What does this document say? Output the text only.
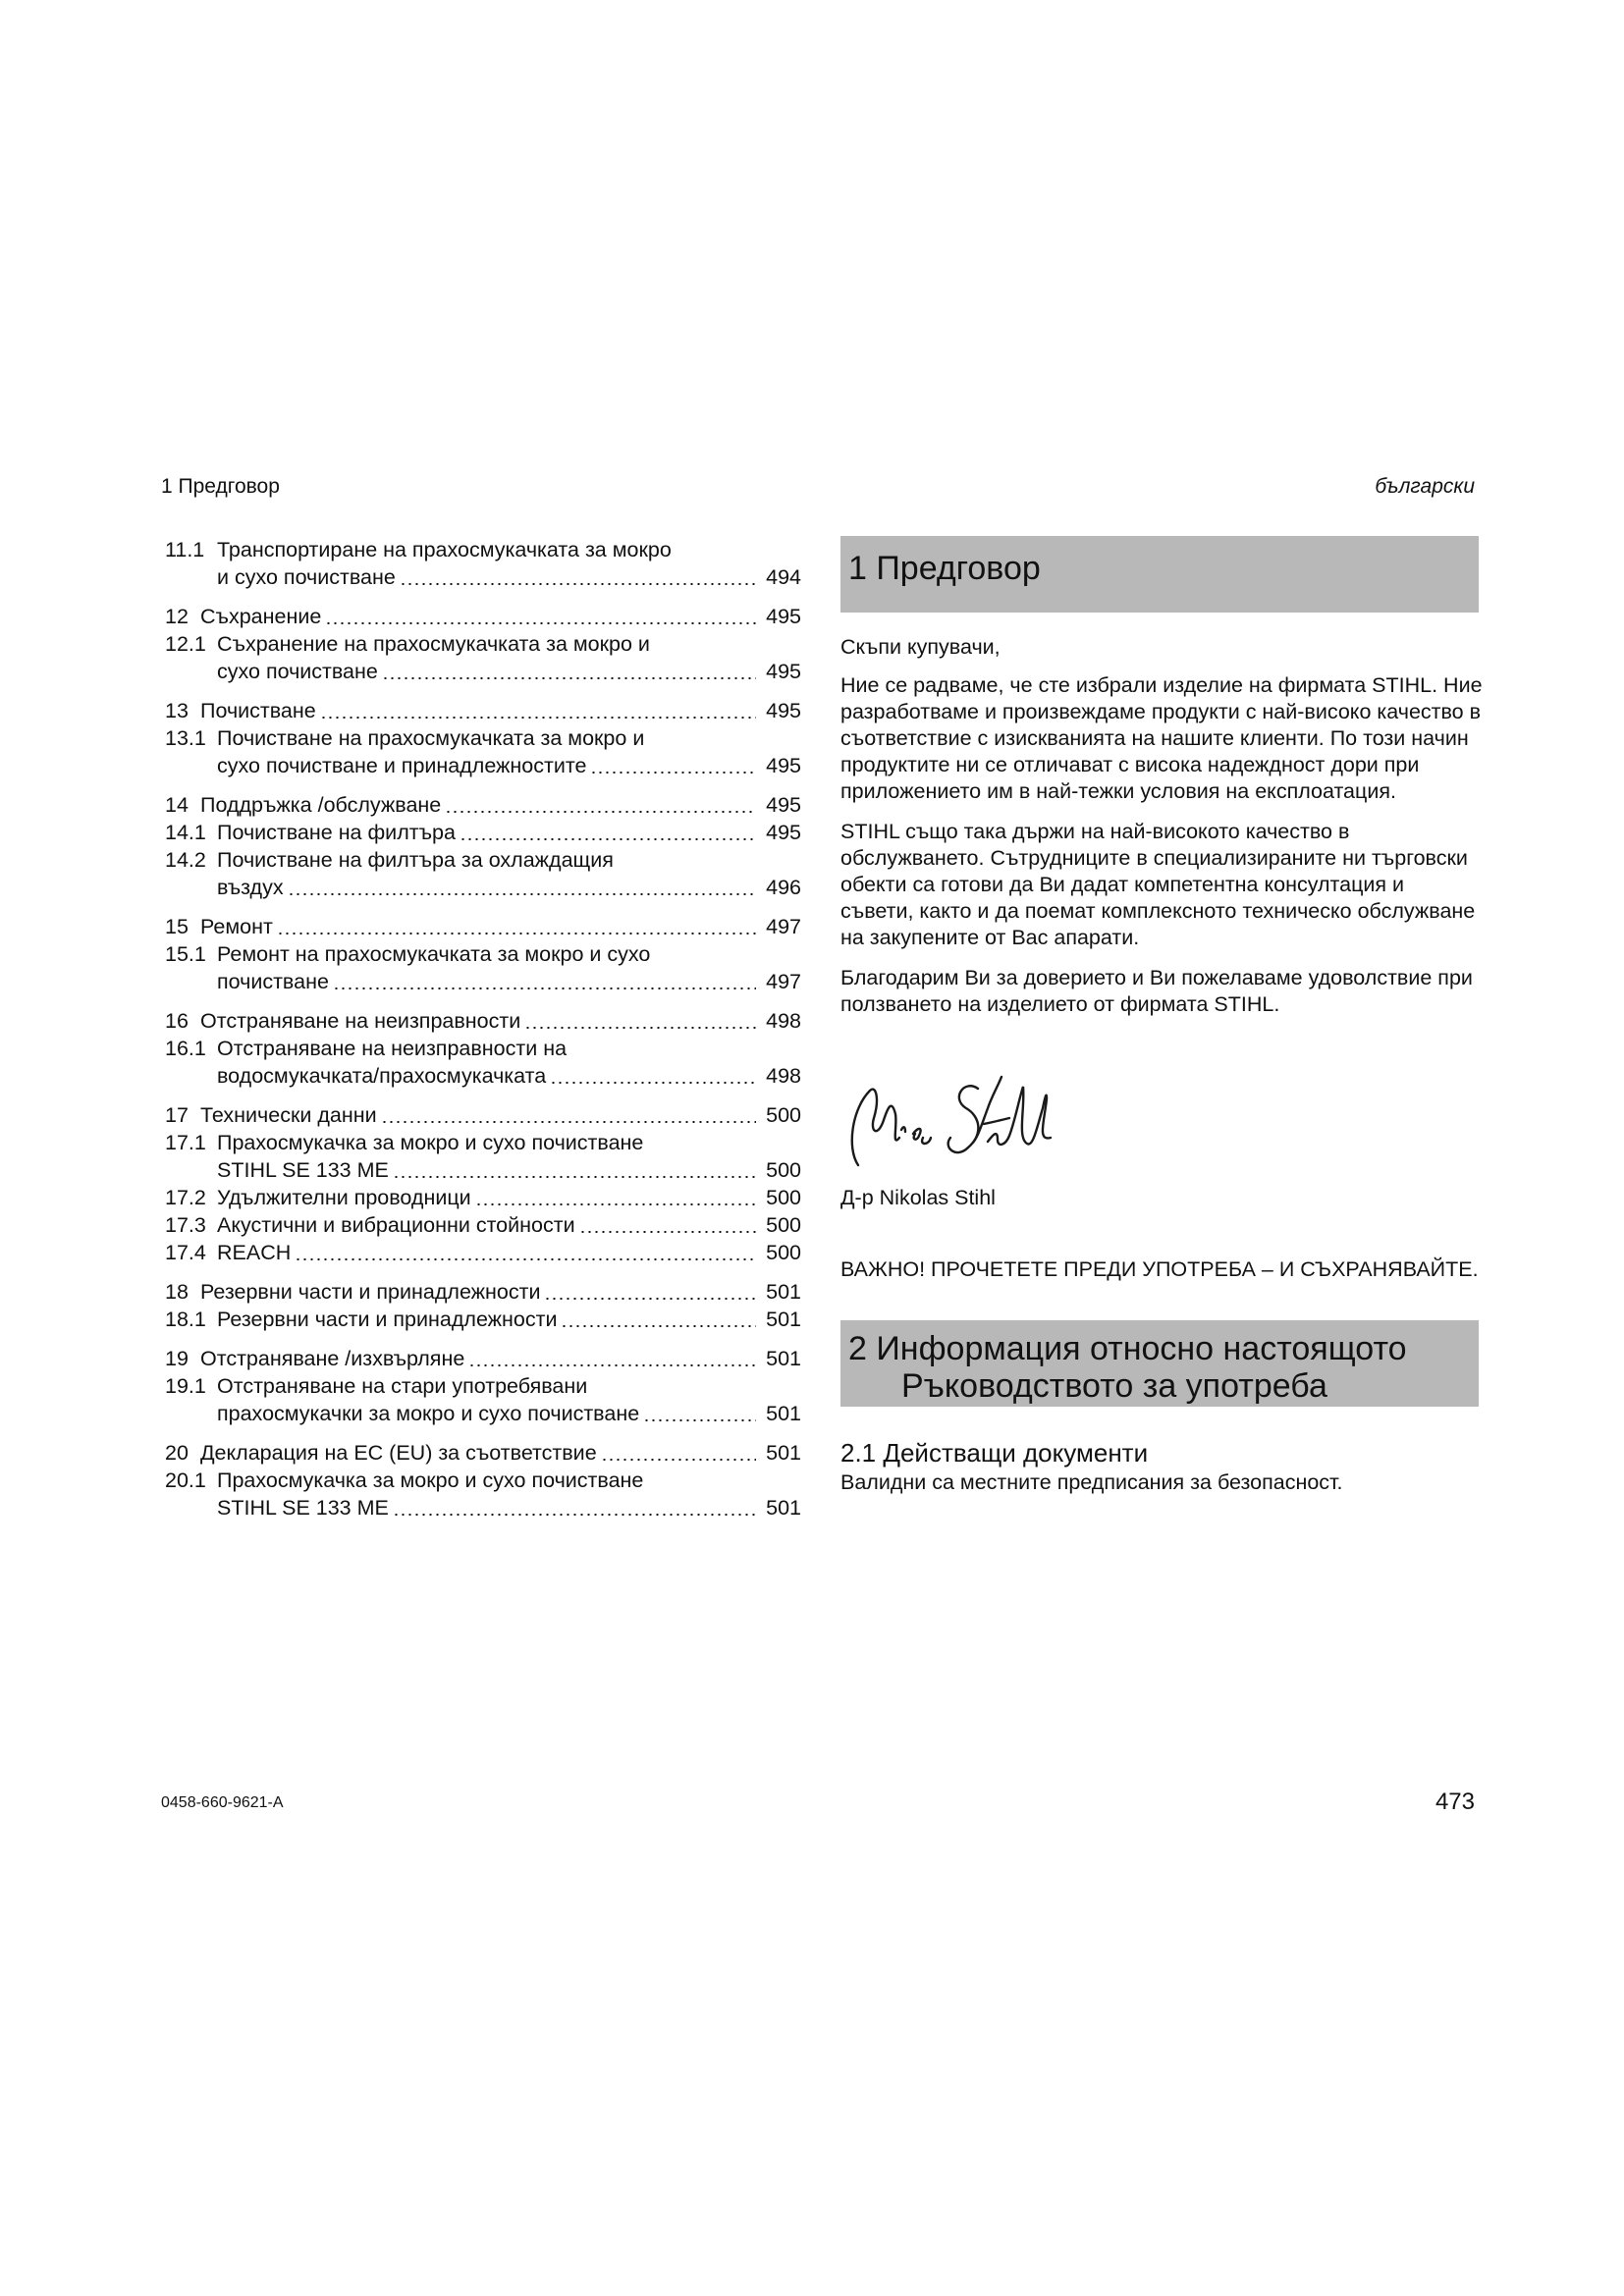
1 Предговор	български
11.1 Транспортиране на прахосмукачката за мокро
и сухо почистване	494
12 Съхранение	495
12.1 Съхранение на прахосмукачката за мокро и
сухо почистване	495
13 Почистване	495
13.1 Почистване на прахосмукачката за мокро и
сухо почистване и принадлежностите	495
14 Поддръжка /обслужване	495
14.1 Почистване на филтъра	495
14.2 Почистване на филтъра за охлаждащия
въздух	496
15 Ремонт	497
15.1 Ремонт на прахосмукачката за мокро и сухо
почистване	497
16 Отстраняване на неизправности	498
16.1 Отстраняване на неизправности на
водосмукачката/прахосмукачката	498
17 Технически данни	500
17.1 Прахосмукачка за мокро и сухо почистване
STIHL SE 133 ME	500
17.2 Удължителни проводници	500
17.3 Акустични и вибрационни стойности	500
17.4 REACH	500
18 Резервни части и принадлежности	501
18.1 Резервни части и принадлежности	501
19 Отстраняване /изхвърляне	501
19.1 Отстраняване на стари употребявани
прахосмукачки за мокро и сухо почистване	501
20 Декларация на ЕС (EU) за съответствие	501
20.1 Прахосмукачка за мокро и сухо почистване
STIHL SE 133 ME	501
1 Предговор

Скъпи купувачи,

Ние се радваме, че сте избрали изделие на фирмата STIHL. Ние разработваме и произвеждаме продукти с най-високо качество в съответствие с изискванията на нашите клиенти. По този начин продуктите ни се отличават с висока надеждност дори при приложението им в най-тежки условия на експлоатация.

STIHL също така държи на най-високото качество в обслужването. Сътрудниците в специализираните ни търговски обекти са готови да Ви дадат компетентна консултация и съвети, както и да поемат комплексното техническо обслужване на закупените от Вас апарати.

Благодарим Ви за доверието и Ви пожелаваме удоволствие при ползването на изделието от фирмата STIHL.

Д-р Nikolas Stihl

ВАЖНО! ПРОЧЕТЕТЕ ПРЕДИ УПОТРЕБА – И СЪХРАНЯВАЙТЕ.

2 Информация относно настоящото
Ръководството за употреба
2.1 Действащи документи

Валидни са местните предписания за безопасност.

0458-660-9621-A	473
